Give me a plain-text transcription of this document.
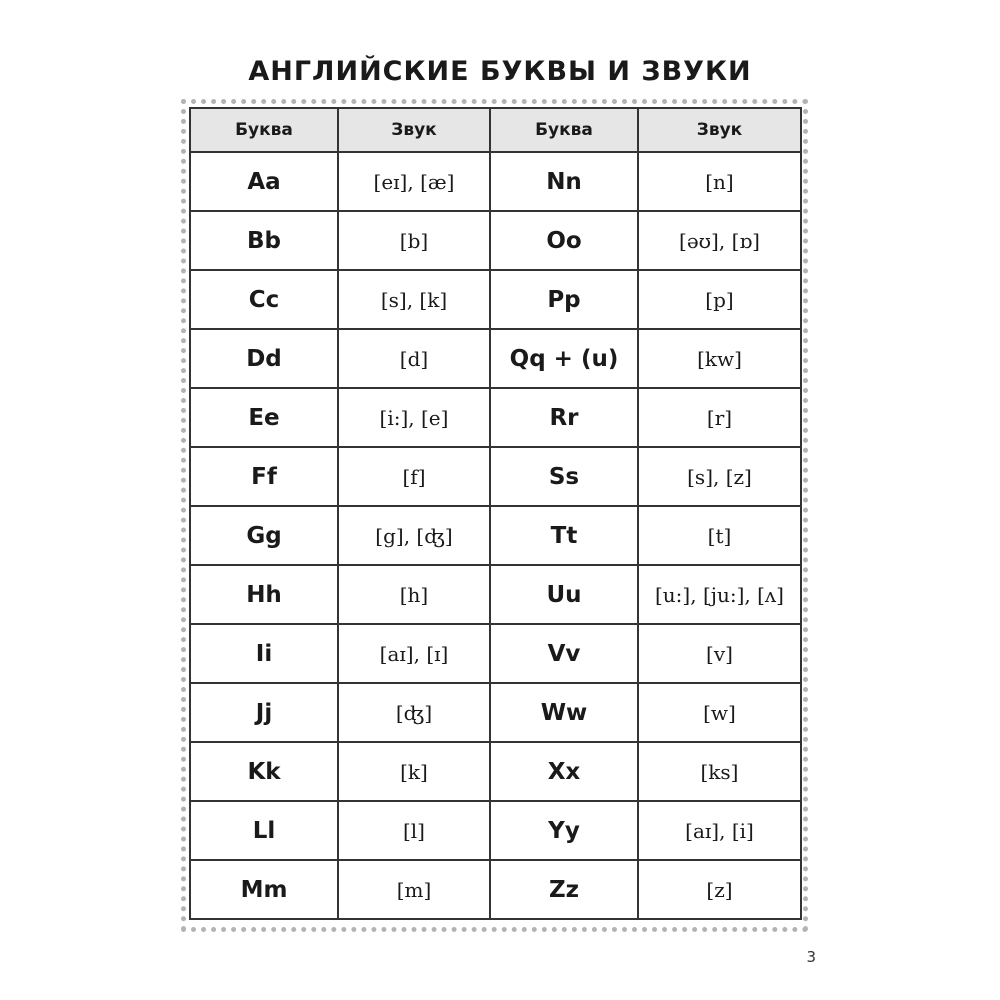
АНГЛИЙСКИЕ БУКВЫ И ЗВУКИ
Буква	Звук	Буква	Звук
Aa	[eɪ], [æ]	Nn	[n]
Bb	[b]	Oo	[əʊ], [ɒ]
Cc	[s], [k]	Pp	[p]
Dd	[d]	Qq + (u)	[kw]
Ee	[i:], [e]	Rr	[r]
Ff	[f]	Ss	[s], [z]
Gg	[g], [ʤ]	Tt	[t]
Hh	[h]	Uu	[u:], [ju:], [ʌ]
Ii	[aɪ], [ɪ]	Vv	[v]
Jj	[ʤ]	Ww	[w]
Kk	[k]	Xx	[ks]
Ll	[l]	Yy	[aɪ], [i]
Mm	[m]	Zz	[z]
3
